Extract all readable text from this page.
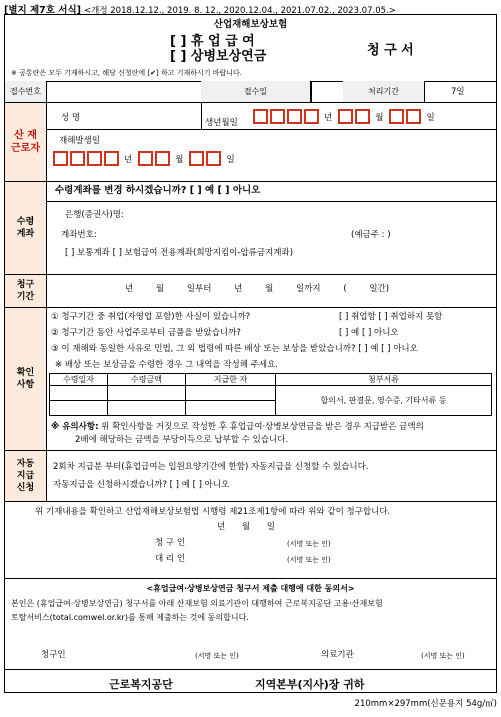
[별지 제7호 서식] <개정 2018.12.12., 2019. 8. 12., 2020.12.04., 2021.07.02., 2023.07.05.>
산업재해보상보험
[ ] 휴 업 급 여
[ ] 상병보상연금	청 구 서
※ 공통란은 모두 기재하시고, 해당 신청란에 [✔] 하고 기재하시기 바랍니다.
접수번호	접수일	처리기간	7일
산 재
근로자
성 명	생년월일
년	월	일
재해발생일
년	월	일
수령
계좌
수령계좌를 변경 하시겠습니까? [ ] 예 [ ] 아니오
은행(증권사)명:
계좌번호:	(예금주 : )
[ ] 보통계좌 [ ] 보험급여 전용계좌(희망지킴이-압류금지계좌)
청구
기간
년 월 일부터 년 월 일까지 ( 일간)
확인
사항
① 청구기간 중 취업(자영업 포함)한 사실이 있습니까?	[ ] 취업함 [ ] 취업하지 못함
② 청구기간 동안 사업주로부터 금품을 받았습니까?	[ ] 예 [ ] 아니오
③ 이 재해와 동일한 사유로 민법, 그 외 법령에 따른 배상 또는 보상을 받았습니까? [ ] 예 [ ] 아니오
※ 배상 또는 보상금을 수령한 경우 그 내역을 작성해 주세요.
수령일자	수령금액	지급한 자	첨부서류
			합의서, 판결문, 영수증, 기타서류 등

※ 유의사항: 위 확인사항을 거짓으로 작성한 후 휴업급여·상병보상연금을 받은 경우 지급받은 금액의
2배에 해당하는 금액을 부당이득으로 납부할 수 있습니다.
자동
지급
신청
2회차 지급분 부터(휴업급여는 입원요양기간에 한함) 자동지급을 신청할 수 있습니다.
자동지급을 신청하시겠습니까? [ ] 예 [ ] 아니오
위 기재내용을 확인하고 산업재해보상보험법 시행령 제21조제1항에 따라 위와 같이 청구합니다.
년 월 일
청 구 인	(서명 또는 인)
대 리 인	(서명 또는 인)
<휴업급여·상병보상연금 청구서 제출 대행에 대한 동의서>
본인은 (휴업급여·상병보상연금) 청구서를 아래 산재보험 의료기관이 대행하여 근로복지공단 고용·산재보험
토탈서비스(total.comwel.or.kr)를 통해 제출하는 것에 동의합니다.
청구인	(서명 또는 인)	의료기관	(서명 또는 인)
근로복지공단	지역본부(지사)장 귀하
210mm×297mm(신문용지 54g/㎡)
